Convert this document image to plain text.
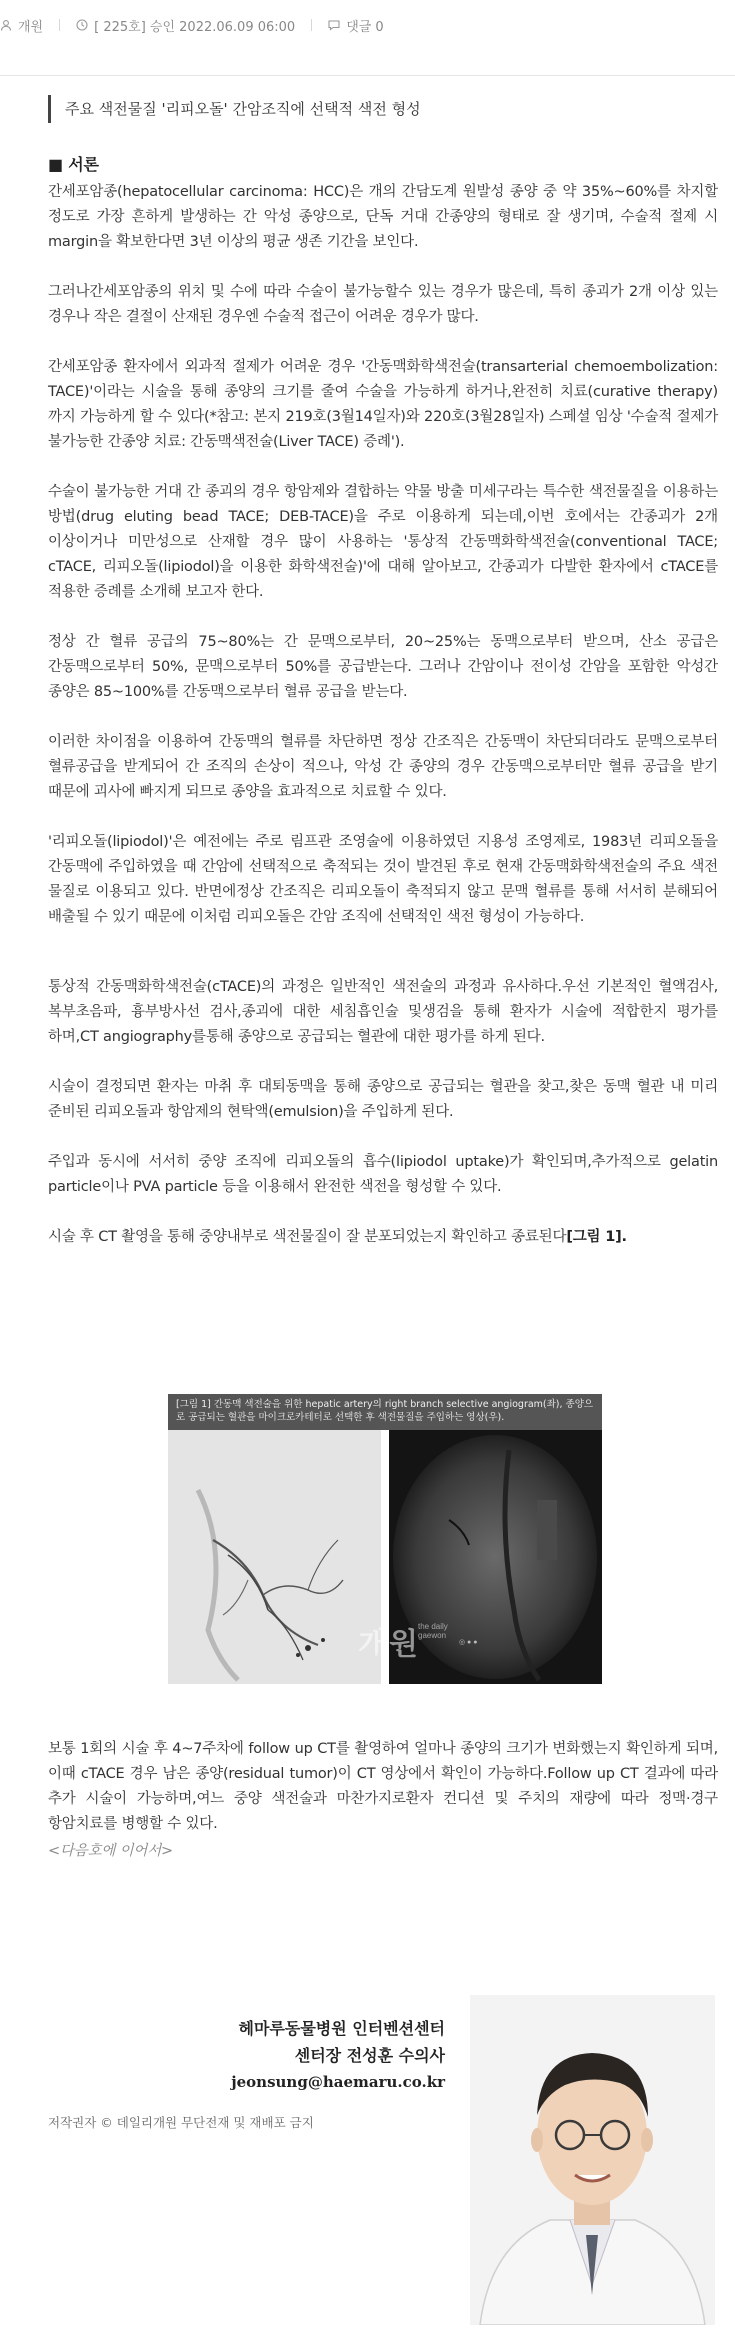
개원	[ 225호] 승인 2022.06.09 06:00	댓글 0
주요 색전물질 '리피오돌' 간암조직에 선택적 색전 형성
■ 서론

간세포암종(hepatocellular carcinoma: HCC)은 개의 간담도계 원발성 종양 중 약 35%~60%를 차지할 정도로 가장 흔하게 발생하는 간 악성 종양으로, 단독 거대 간종양의 형태로 잘 생기며, 수술적 절제 시 margin을 확보한다면 3년 이상의 평균 생존 기간을 보인다.

그러나간세포암종의 위치 및 수에 따라 수술이 불가능할수 있는 경우가 많은데, 특히 종괴가 2개 이상 있는 경우나 작은 결절이 산재된 경우엔 수술적 접근이 어려운 경우가 많다.

간세포암종 환자에서 외과적 절제가 어려운 경우 '간동맥화학색전술(transarterial chemoembolization: TACE)'이라는 시술을 통해 종양의 크기를 줄여 수술을 가능하게 하거나,완전히 치료(curative therapy)까지 가능하게 할 수 있다(*참고: 본지 219호(3월14일자)와 220호(3월28일자) 스페셜 임상 '수술적 절제가 불가능한 간종양 치료: 간동맥색전술(Liver TACE) 증례').

수술이 불가능한 거대 간 종괴의 경우 항암제와 결합하는 약물 방출 미세구라는 특수한 색전물질을 이용하는 방법(drug eluting bead TACE; DEB-TACE)을 주로 이용하게 되는데,이번 호에서는 간종괴가 2개 이상이거나 미만성으로 산재할 경우 많이 사용하는 '통상적 간동맥화학색전술(conventional TACE; cTACE, 리피오돌(lipiodol)을 이용한 화학색전술)'에 대해 알아보고, 간종괴가 다발한 환자에서 cTACE를 적용한 증례를 소개해 보고자 한다.

정상 간 혈류 공급의 75~80%는 간 문맥으로부터, 20~25%는 동맥으로부터 받으며, 산소 공급은 간동맥으로부터 50%, 문맥으로부터 50%를 공급받는다. 그러나 간암이나 전이성 간암을 포함한 악성간 종양은 85~100%를 간동맥으로부터 혈류 공급을 받는다.

이러한 차이점을 이용하여 간동맥의 혈류를 차단하면 정상 간조직은 간동맥이 차단되더라도 문맥으로부터 혈류공급을 받게되어 간 조직의 손상이 적으나, 악성 간 종양의 경우 간동맥으로부터만 혈류 공급을 받기 때문에 괴사에 빠지게 되므로 종양을 효과적으로 치료할 수 있다.

'리피오돌(lipiodol)'은 예전에는 주로 림프관 조영술에 이용하였던 지용성 조영제로, 1983년 리피오돌을 간동맥에 주입하였을 때 간암에 선택적으로 축적되는 것이 발견된 후로 현재 간동맥화학색전술의 주요 색전 물질로 이용되고 있다. 반면에정상 간조직은 리피오돌이 축적되지 않고 문맥 혈류를 통해 서서히 분해되어 배출될 수 있기 때문에 이처럼 리피오돌은 간암 조직에 선택적인 색전 형성이 가능하다.

통상적 간동맥화학색전술(cTACE)의 과정은 일반적인 색전술의 과정과 유사하다.우선 기본적인 혈액검사, 복부초음파, 흉부방사선 검사,종괴에 대한 세침흡인술 및생검을 통해 환자가 시술에 적합한지 평가를 하며,CT angiography를통해 종양으로 공급되는 혈관에 대한 평가를 하게 된다.

시술이 결정되면 환자는 마취 후 대퇴동맥을 통해 종양으로 공급되는 혈관을 찾고,찾은 동맥 혈관 내 미리 준비된 리피오돌과 항암제의 현탁액(emulsion)을 주입하게 된다.

주입과 동시에 서서히 중양 조직에 리피오돌의 흡수(lipiodol uptake)가 확인되며,추가적으로 gelatin particle이나 PVA particle 등을 이용해서 완전한 색전을 형성할 수 있다.

시술 후 CT 촬영을 통해 중양내부로 색전물질이 잘 분포되었는지 확인하고 종료된다[그림 1].

[그림 1] 간동맥 색전술을 위한 hepatic artery의 right branch selective angiogram(좌), 종양으로 공급되는 혈관을 마이크로카테터로 선택한 후 색전물질을 주입하는 영상(우).
◎ ● ●
개원
the daily gaewon

보통 1회의 시술 후 4~7주차에 follow up CT를 촬영하여 얼마나 종양의 크기가 변화했는지 확인하게 되며,이때 cTACE 경우 남은 종양(residual tumor)이 CT 영상에서 확인이 가능하다.Follow up CT 결과에 따라 추가 시술이 가능하며,여느 중양 색전술과 마찬가지로환자 컨디션 및 주치의 재량에 따라 정맥·경구 항암치료를 병행할 수 있다.

<다음호에 이어서>

헤마루동물병원 인터벤션센터
센터장 전성훈 수의사
jeonsung@haemaru.co.kr
저작권자 © 데일리개원 무단전재 및 재배포 금지
